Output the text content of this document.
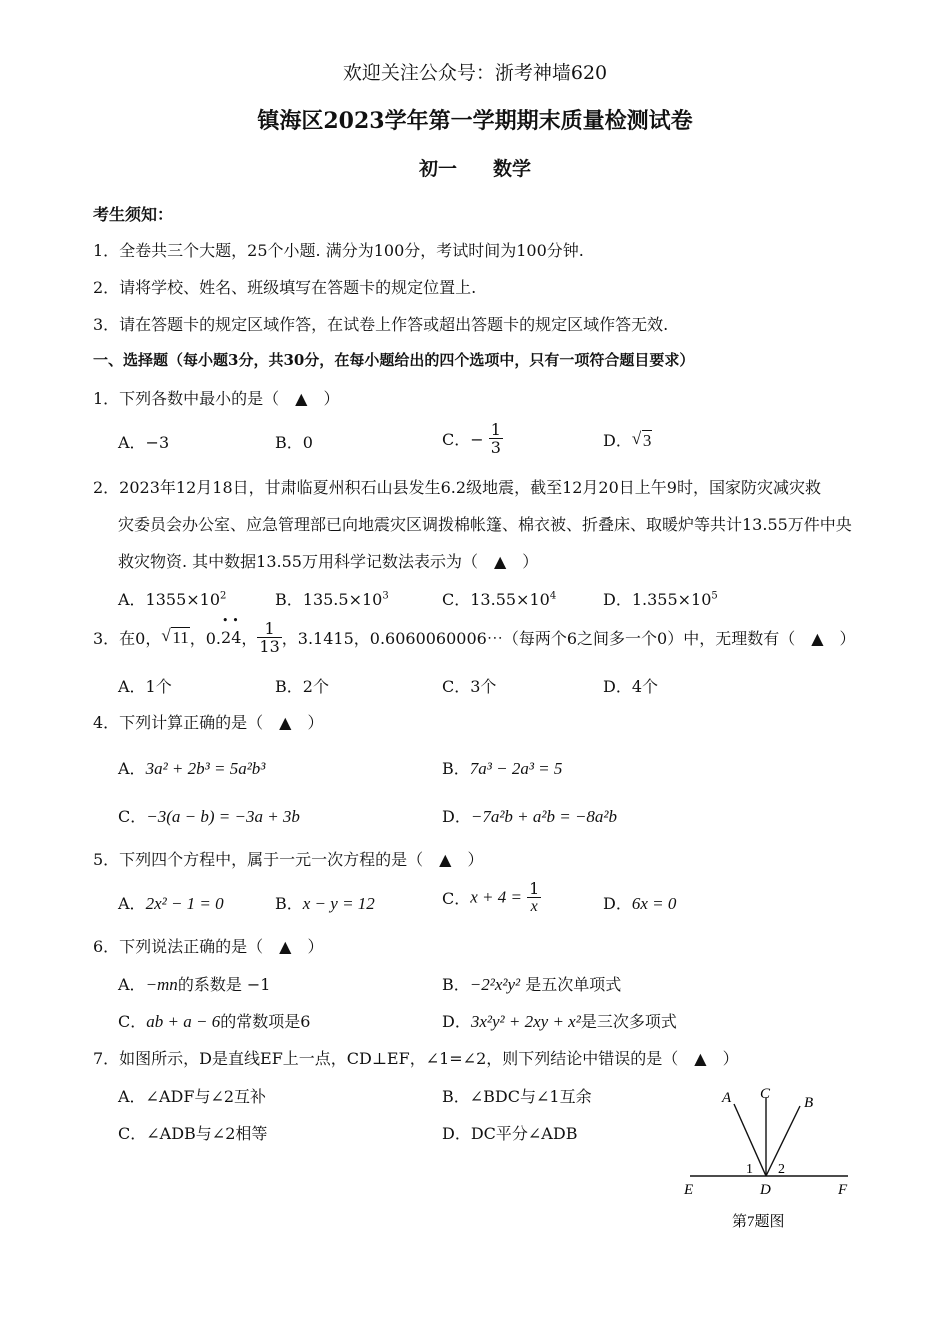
欢迎关注公众号：浙考神墙620
镇海区2023学年第一学期期末质量检测试卷
初一 数学
考生须知：
1．全卷共三个大题，25个小题. 满分为100分，考试时间为100分钟.
2．请将学校、姓名、班级填写在答题卡的规定位置上.
3．请在答题卡的规定区域作答，在试卷上作答或超出答题卡的规定区域作答无效.
一、选择题（每小题3分，共30分，在每小题给出的四个选项中，只有一项符合题目要求）
1．下列各数中最小的是（　▲　）
A．−3	B．0	C．− $\frac{1}{3}$	D． √ 3
2．2023年12月18日，甘肃临夏州积石山县发生6.2级地震，截至12月20日上午9时，国家防灾减灾救
灾委员会办公室、应急管理部已向地震灾区调拨棉帐篷、棉衣被、折叠床、取暖炉等共计13.55万件中央
救灾物资. 其中数据13.55万用科学记数法表示为（　▲　）
A．$1355\times 10^2$	B．$135.5\times 10^3$	C．$13.55\times 10^4$	D．$1.355\times 10^5$
3．在0， √ 11，0.• 2• 4， $\frac{1}{13}$ ，3.1415，0.6060060006⋯（每两个6之间多一个0）中，无理数有（　▲　）
A．1个	B．2个	C．3个	D．4个
4．下列计算正确的是（　▲　）
A．3a² + 2b³ = 5a²b³	B．7a³ − 2a³ = 5
C．−3(a − b) = −3a + 3b	D．−7a²b + a²b = −8a²b
5．下列四个方程中，属于一元一次方程的是（　▲　）
A．2x² − 1 = 0	B．x − y = 12	C．$x + 4 = \frac{1}{x}$	D．6x = 0
6．下列说法正确的是（　▲　）
A．−mn的系数是 −1	B．−2²x²y² 是五次单项式
C．ab + a − 6的常数项是6	D．3x²y² + 2xy + x²是三次多项式
7．如图所示，D是直线EF上一点，CD⊥EF，∠1=∠2，则下列结论中错误的是（　▲　）
A．∠ADF与∠2互补	B．∠BDC与∠1互余
C．∠ADB与∠2相等	D．DC平分∠ADB
A C
B
1 2
E	D	F
第7题图
